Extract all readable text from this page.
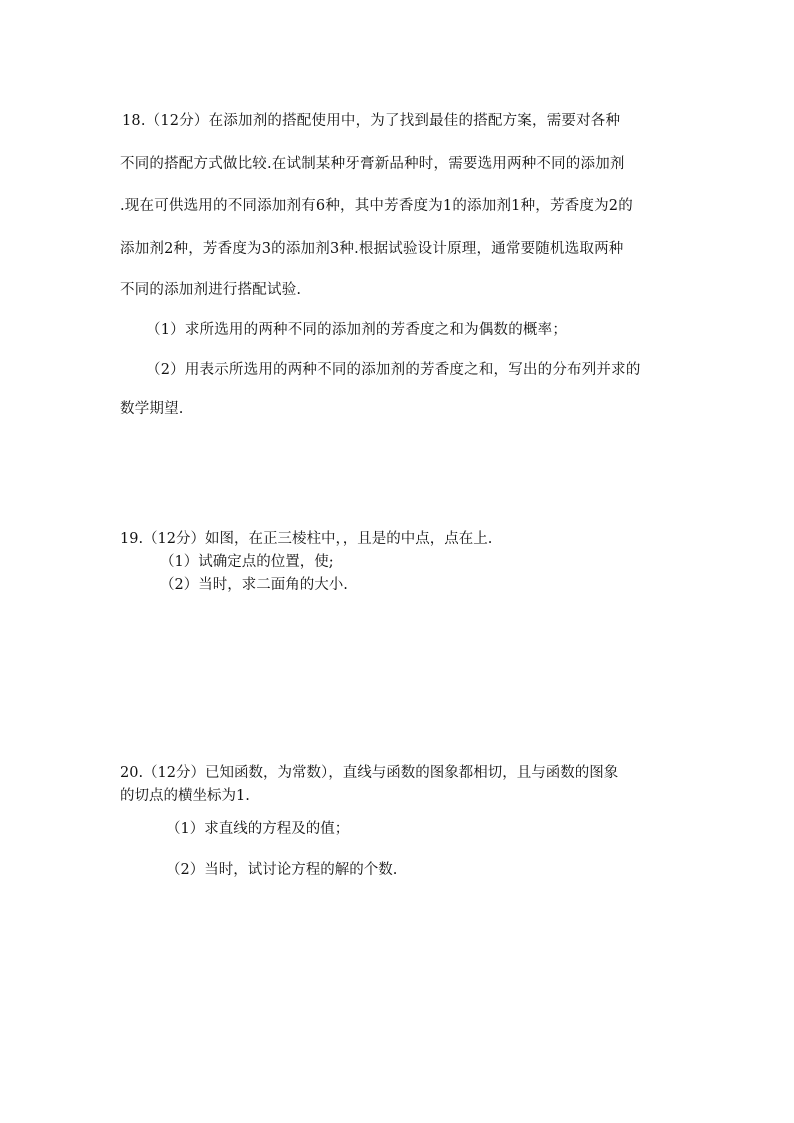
18.（12分）在添加剂的搭配使用中，为了找到最佳的搭配方案，需要对各种
不同的搭配方式做比较.在试制某种牙膏新品种时，需要选用两种不同的添加剂
.现在可供选用的不同添加剂有6种，其中芳香度为1的添加剂1种，芳香度为2的
添加剂2种，芳香度为3的添加剂3种.根据试验设计原理，通常要随机选取两种
不同的添加剂进行搭配试验.
（1）求所选用的两种不同的添加剂的芳香度之和为偶数的概率；
（2）用表示所选用的两种不同的添加剂的芳香度之和，写出的分布列并求的
数学期望.
19.（12分）如图，在正三棱柱中，，且是的中点，点在上.
（1）试确定点的位置，使;
（2）当时，求二面角的大小.
20.（12分）已知函数，为常数），直线与函数的图象都相切，且与函数的图象
的切点的横坐标为1.
（1）求直线的方程及的值；
（2）当时，试讨论方程的解的个数.
